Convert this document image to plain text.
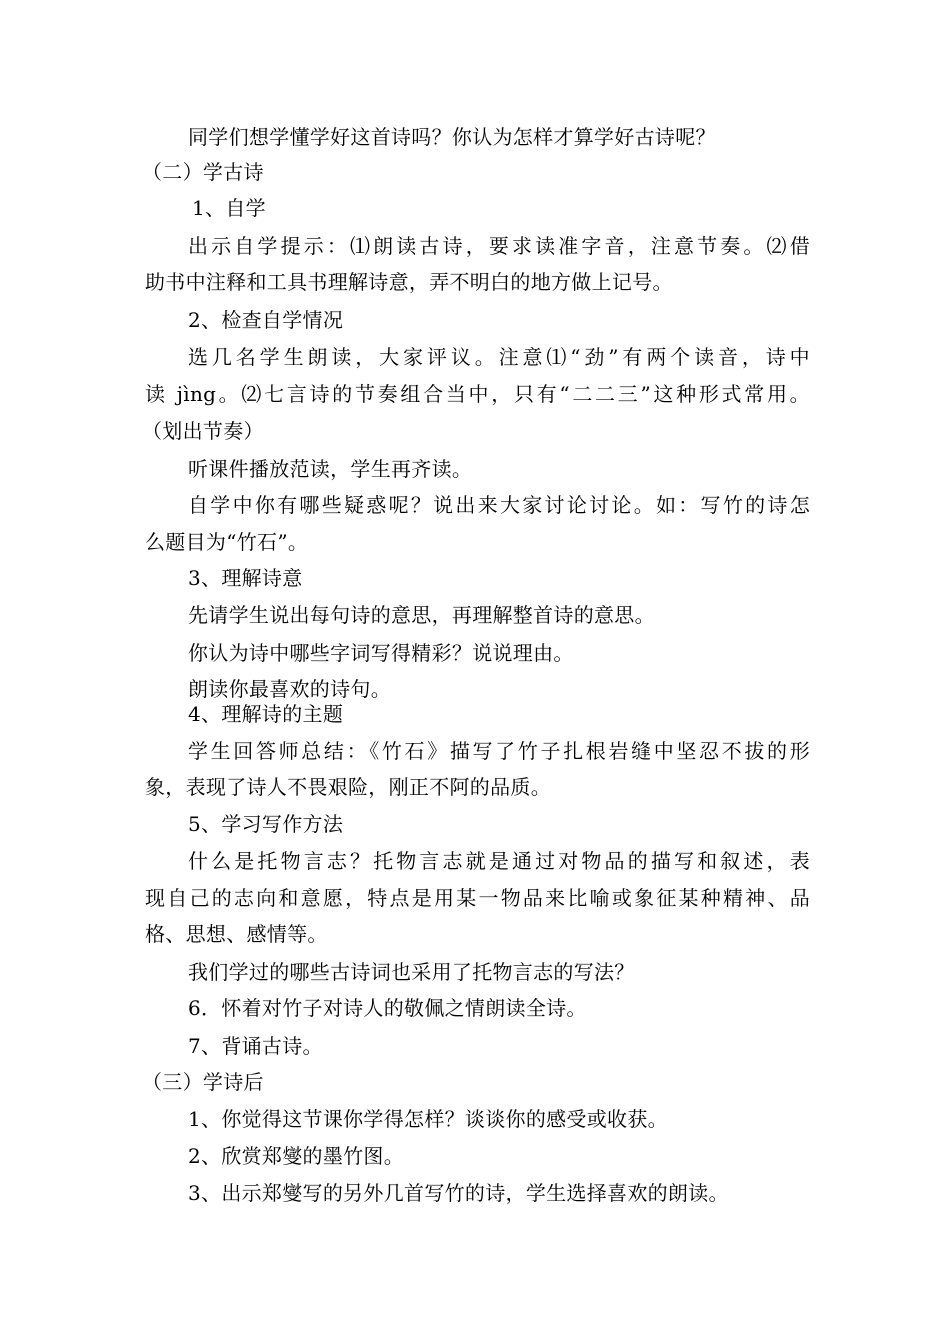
同学们想学懂学好这首诗吗？你认为怎样才算学好古诗呢？
（二）学古诗
1、自学
出示自学提示：⑴朗读古诗，要求读准字音，注意节奏。⑵借
助书中注释和工具书理解诗意，弄不明白的地方做上记号。
2、检查自学情况
选几名学生朗读，大家评议。注意⑴“劲”有两个读音，诗中
读 jìng。⑵七言诗的节奏组合当中，只有“二二三”这种形式常用。
（划出节奏）
听课件播放范读，学生再齐读。
自学中你有哪些疑惑呢？说出来大家讨论讨论。如：写竹的诗怎
么题目为“竹石”。
3、理解诗意
先请学生说出每句诗的意思，再理解整首诗的意思。
你认为诗中哪些字词写得精彩？说说理由。
朗读你最喜欢的诗句。
4、理解诗的主题
学生回答师总结：《竹石》描写了竹子扎根岩缝中坚忍不拔的形
象，表现了诗人不畏艰险，刚正不阿的品质。
5、学习写作方法
什么是托物言志？托物言志就是通过对物品的描写和叙述，表
现自己的志向和意愿，特点是用某一物品来比喻或象征某种精神、品
格、思想、感情等。
我们学过的哪些古诗词也采用了托物言志的写法？
6．怀着对竹子对诗人的敬佩之情朗读全诗。
7、背诵古诗。
（三）学诗后
1、你觉得这节课你学得怎样？谈谈你的感受或收获。
2、欣赏郑燮的墨竹图。
3、出示郑燮写的另外几首写竹的诗，学生选择喜欢的朗读。
